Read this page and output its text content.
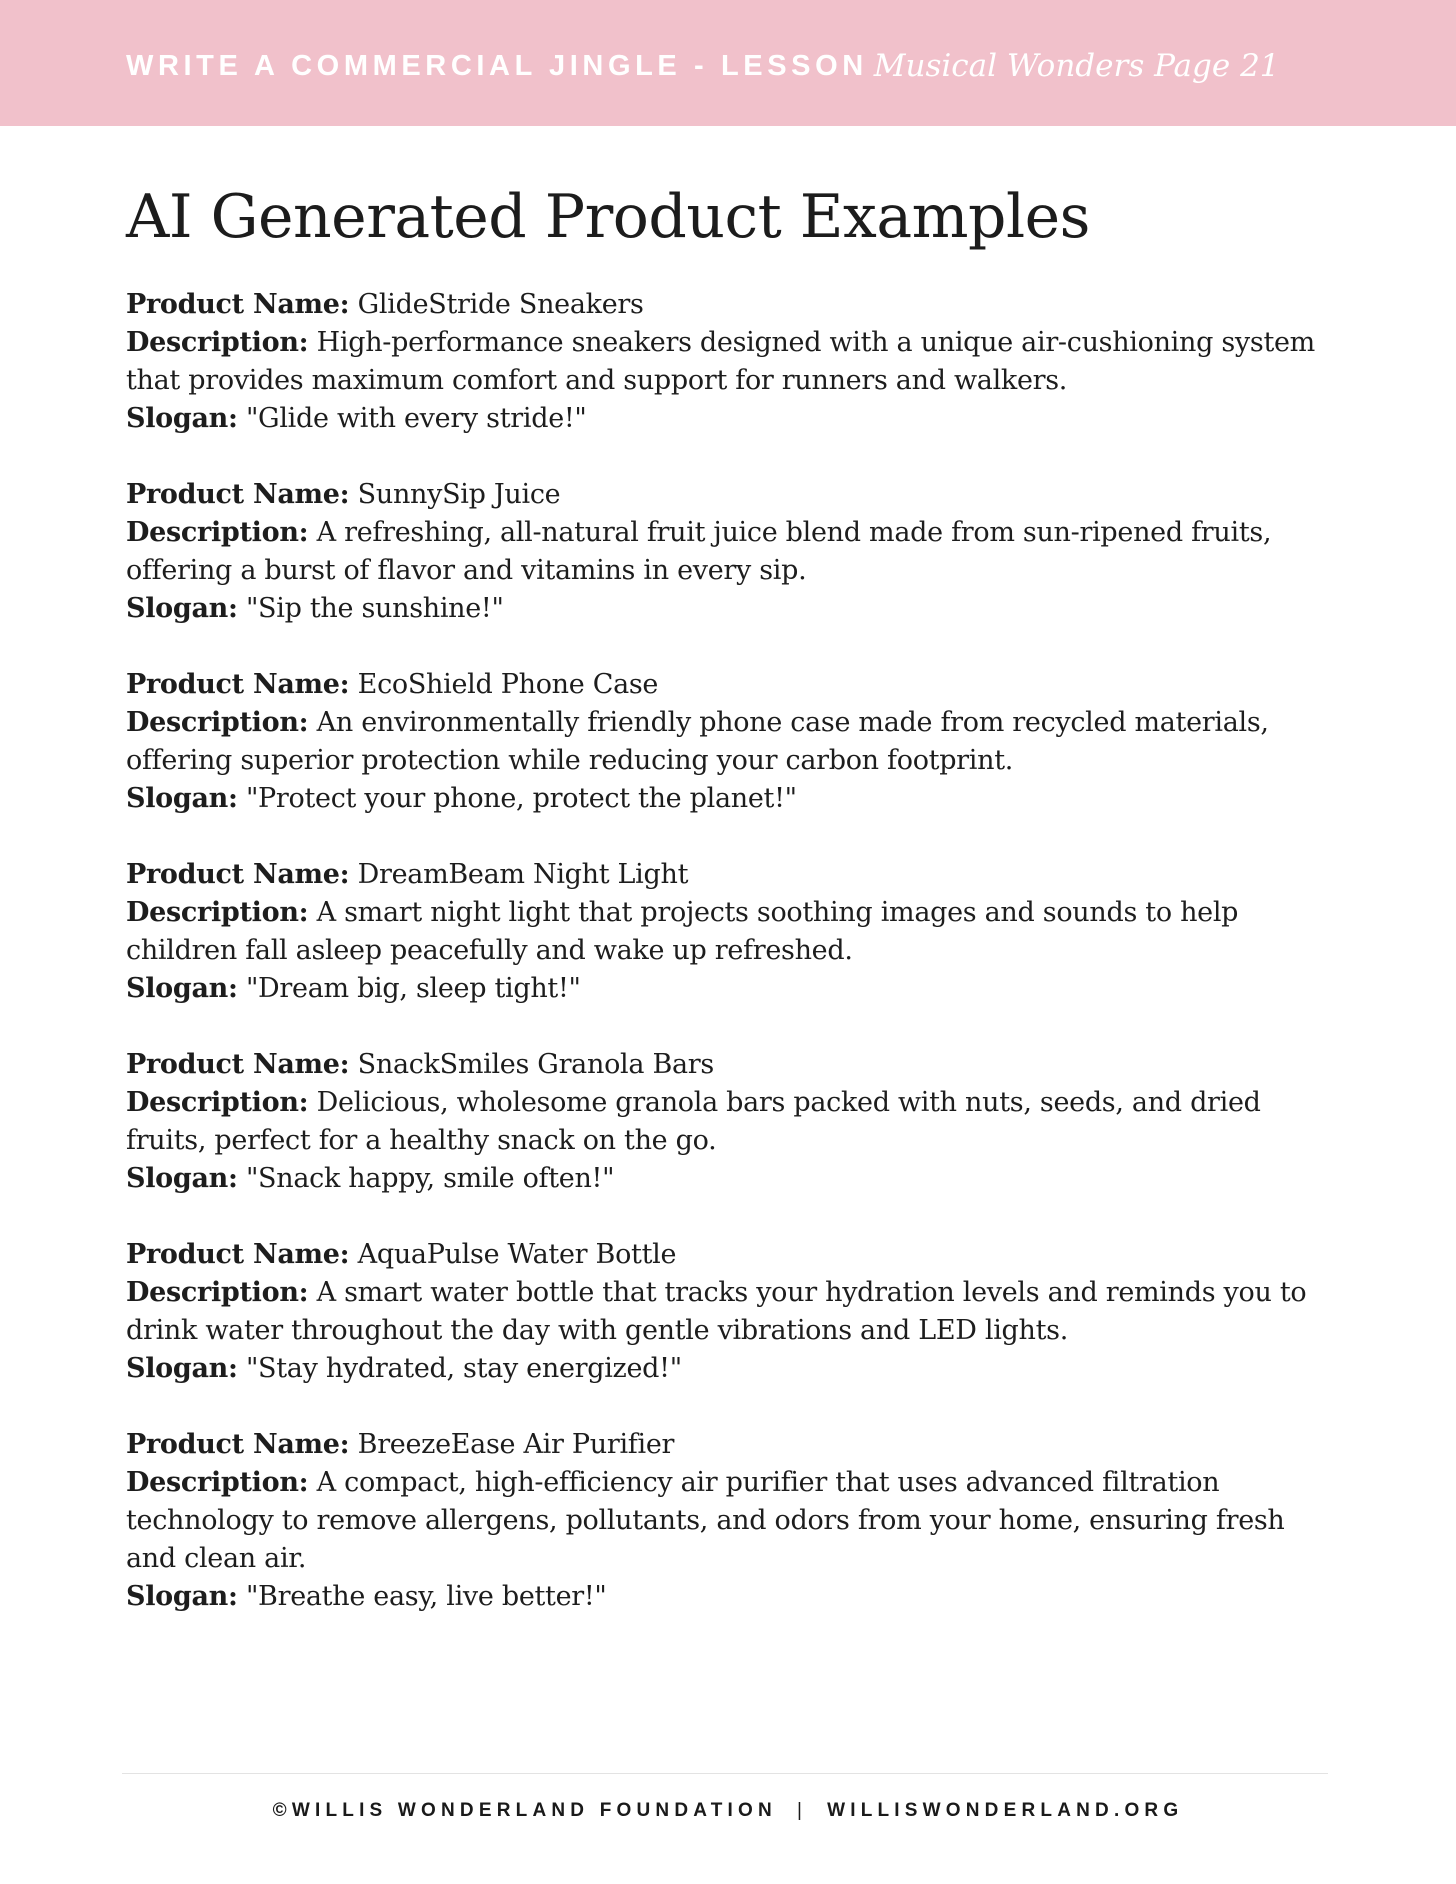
WRITE A COMMERCIAL JINGLE - LESSON Musical Wonders Page 21
AI Generated Product Examples
Product Name: GlideStride Sneakers
Description: High-performance sneakers designed with a unique air-cushioning system that provides maximum comfort and support for runners and walkers.
Slogan: "Glide with every stride!"
Product Name: SunnySip Juice
Description: A refreshing, all-natural fruit juice blend made from sun-ripened fruits, offering a burst of flavor and vitamins in every sip.
Slogan: "Sip the sunshine!"
Product Name: EcoShield Phone Case
Description: An environmentally friendly phone case made from recycled materials, offering superior protection while reducing your carbon footprint.
Slogan: "Protect your phone, protect the planet!"
Product Name: DreamBeam Night Light
Description: A smart night light that projects soothing images and sounds to help children fall asleep peacefully and wake up refreshed.
Slogan: "Dream big, sleep tight!"
Product Name: SnackSmiles Granola Bars
Description: Delicious, wholesome granola bars packed with nuts, seeds, and dried fruits, perfect for a healthy snack on the go.
Slogan: "Snack happy, smile often!"
Product Name: AquaPulse Water Bottle
Description: A smart water bottle that tracks your hydration levels and reminds you to drink water throughout the day with gentle vibrations and LED lights.
Slogan: "Stay hydrated, stay energized!"
Product Name: BreezeEase Air Purifier
Description: A compact, high-efficiency air purifier that uses advanced filtration technology to remove allergens, pollutants, and odors from your home, ensuring fresh and clean air.
Slogan: "Breathe easy, live better!"
©WILLIS WONDERLAND FOUNDATION | WILLISWONDERLAND.ORG
